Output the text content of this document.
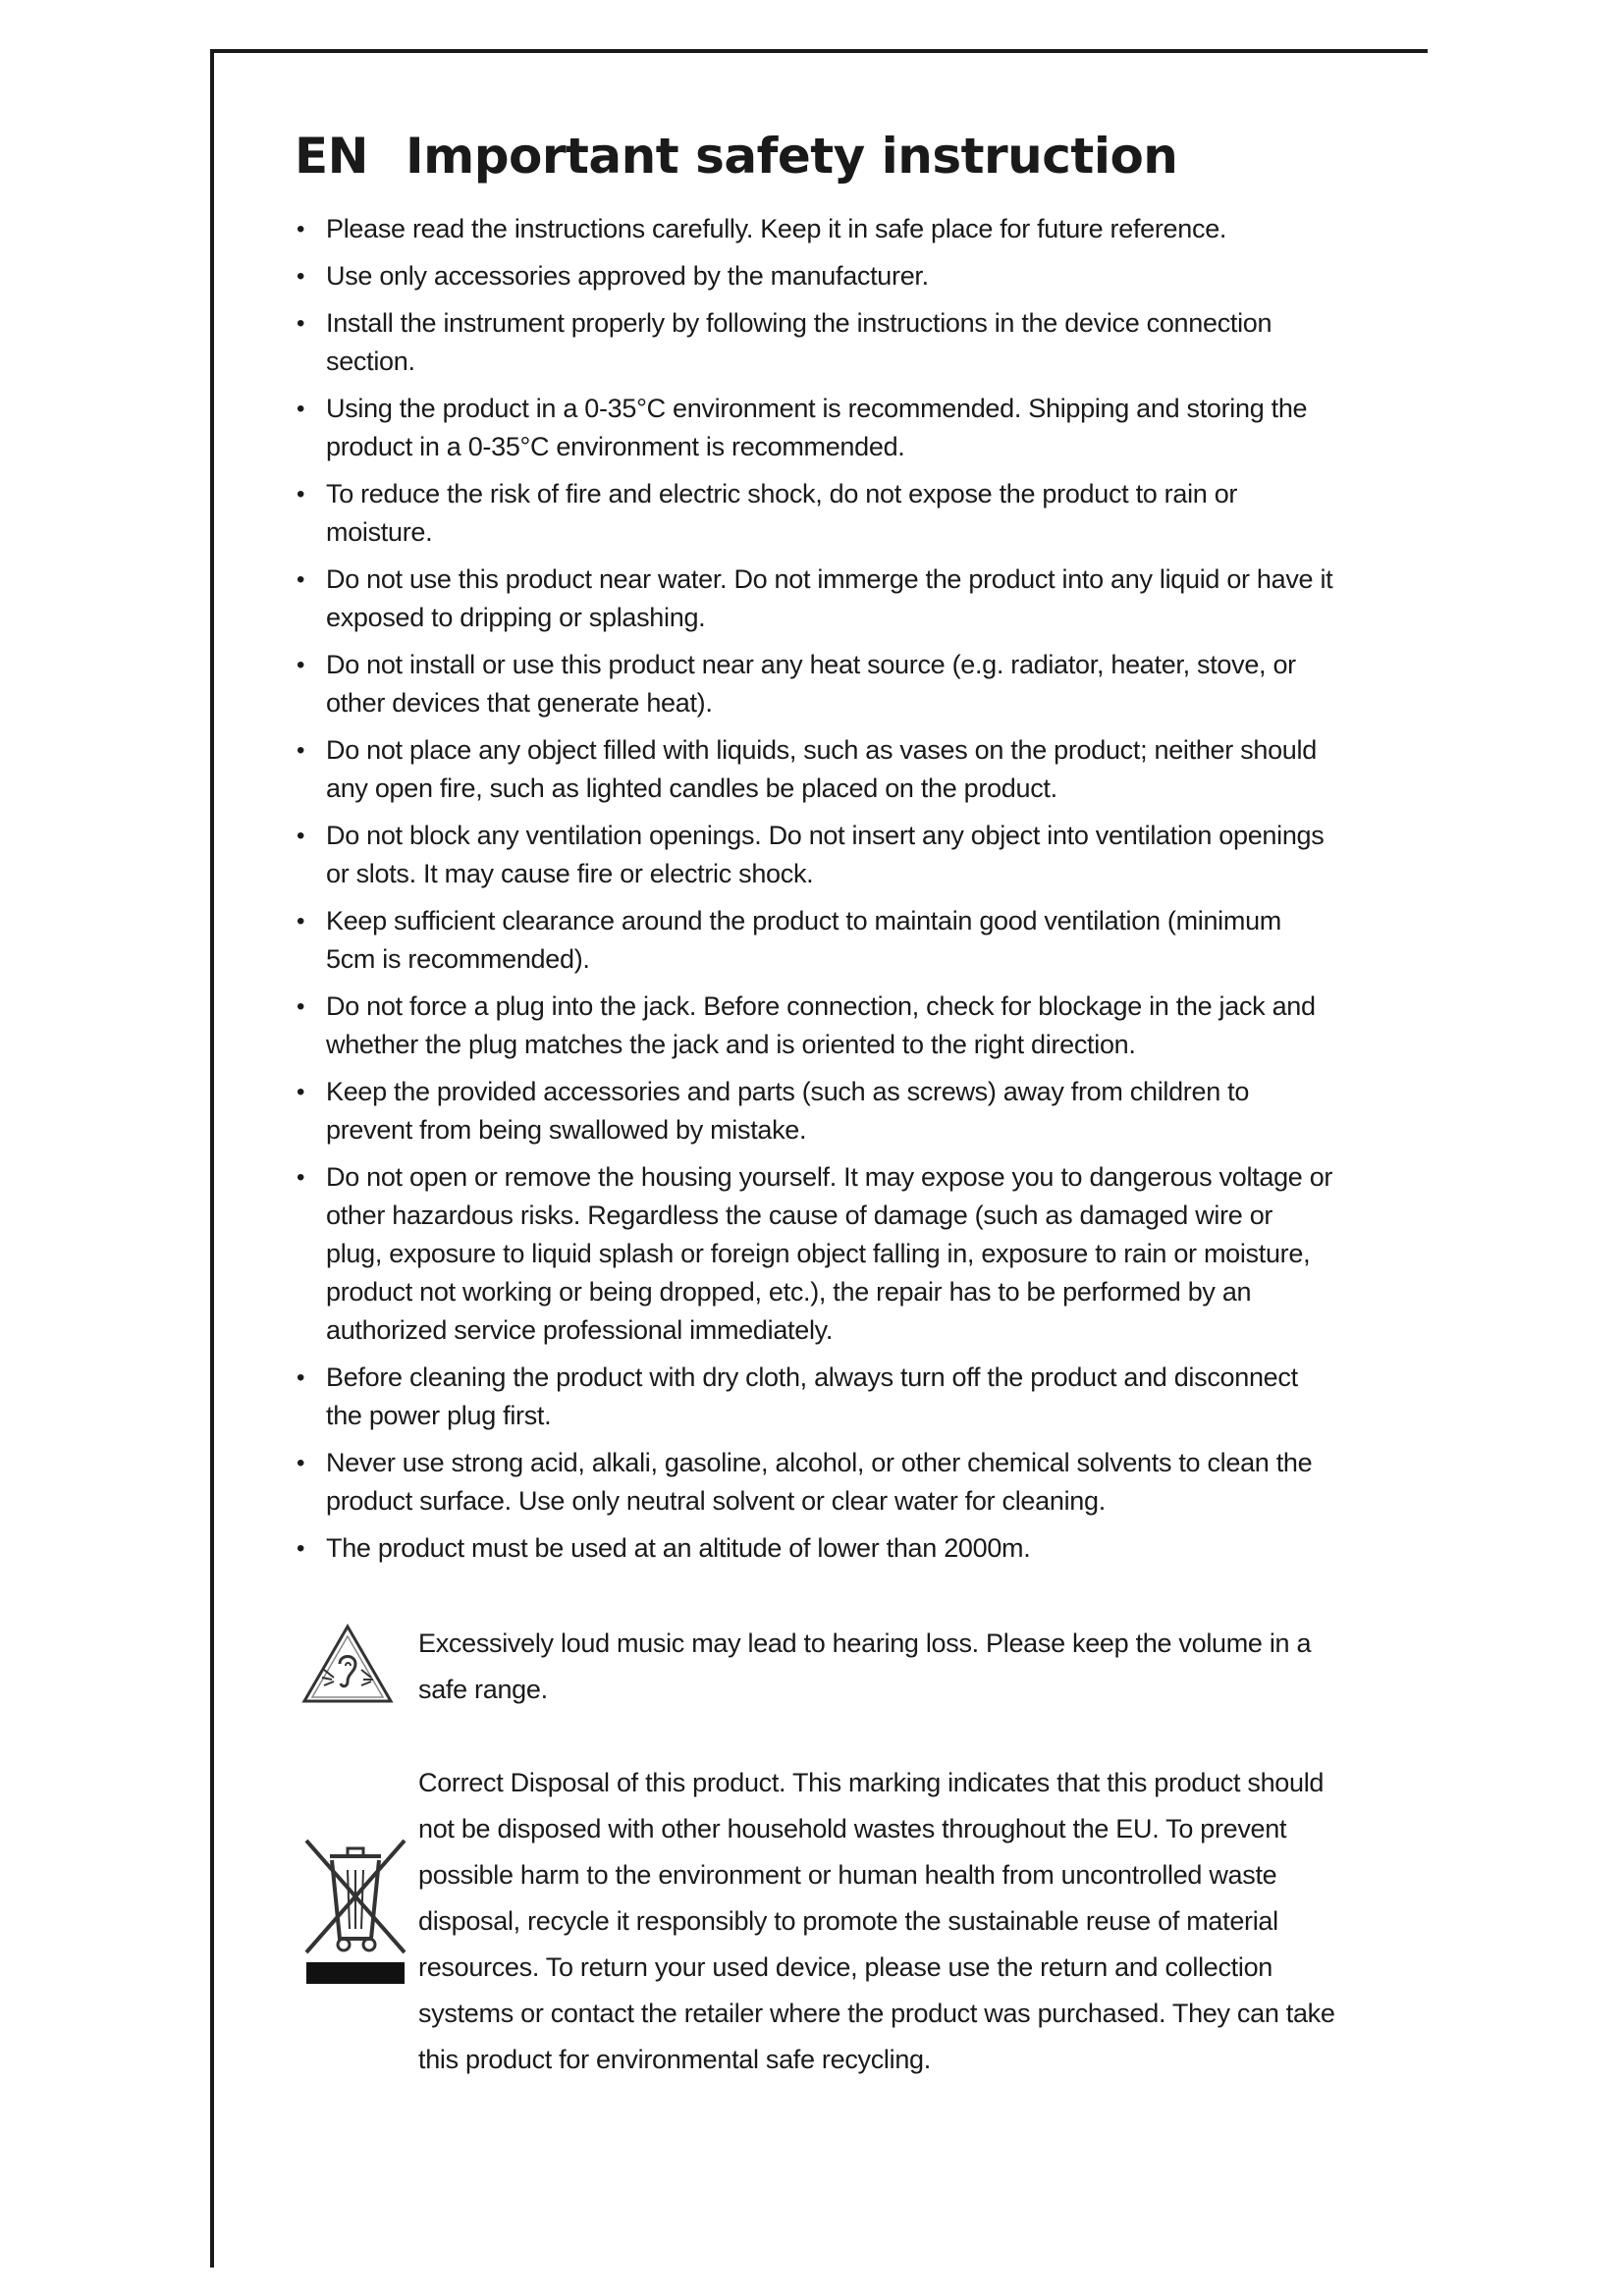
EN Important safety instruction
• Please read the instructions carefully. Keep it in safe place for future reference.
• Use only accessories approved by the manufacturer.
• Install the instrument properly by following the instructions in the device connection section.
• Using the product in a 0-35°C environment is recommended. Shipping and storing the product in a 0-35°C environment is recommended.
• To reduce the risk of fire and electric shock, do not expose the product to rain or moisture.
• Do not use this product near water. Do not immerge the product into any liquid or have it exposed to dripping or splashing.
• Do not install or use this product near any heat source (e.g. radiator, heater, stove, or other devices that generate heat).
• Do not place any object filled with liquids, such as vases on the product; neither should any open fire, such as lighted candles be placed on the product.
• Do not block any ventilation openings. Do not insert any object into ventilation openings or slots. It may cause fire or electric shock.
• Keep sufficient clearance around the product to maintain good ventilation (minimum 5cm is recommended).
• Do not force a plug into the jack. Before connection, check for blockage in the jack and whether the plug matches the jack and is oriented to the right direction.
• Keep the provided accessories and parts (such as screws) away from children to prevent from being swallowed by mistake.
• Do not open or remove the housing yourself. It may expose you to dangerous voltage or other hazardous risks. Regardless the cause of damage (such as damaged wire or plug, exposure to liquid splash or foreign object falling in, exposure to rain or moisture, product not working or being dropped, etc.), the repair has to be performed by an authorized service professional immediately.
• Before cleaning the product with dry cloth, always turn off the product and disconnect the power plug first.
• Never use strong acid, alkali, gasoline, alcohol, or other chemical solvents to clean the product surface. Use only neutral solvent or clear water for cleaning.
• The product must be used at an altitude of lower than 2000m.
Excessively loud music may lead to hearing loss. Please keep the volume in a safe range.
Correct Disposal of this product. This marking indicates that this product should not be disposed with other household wastes throughout the EU. To prevent possible harm to the environment or human health from uncontrolled waste disposal, recycle it responsibly to promote the sustainable reuse of material resources. To return your used device, please use the return and collection systems or contact the retailer where the product was purchased. They can take this product for environmental safe recycling.
